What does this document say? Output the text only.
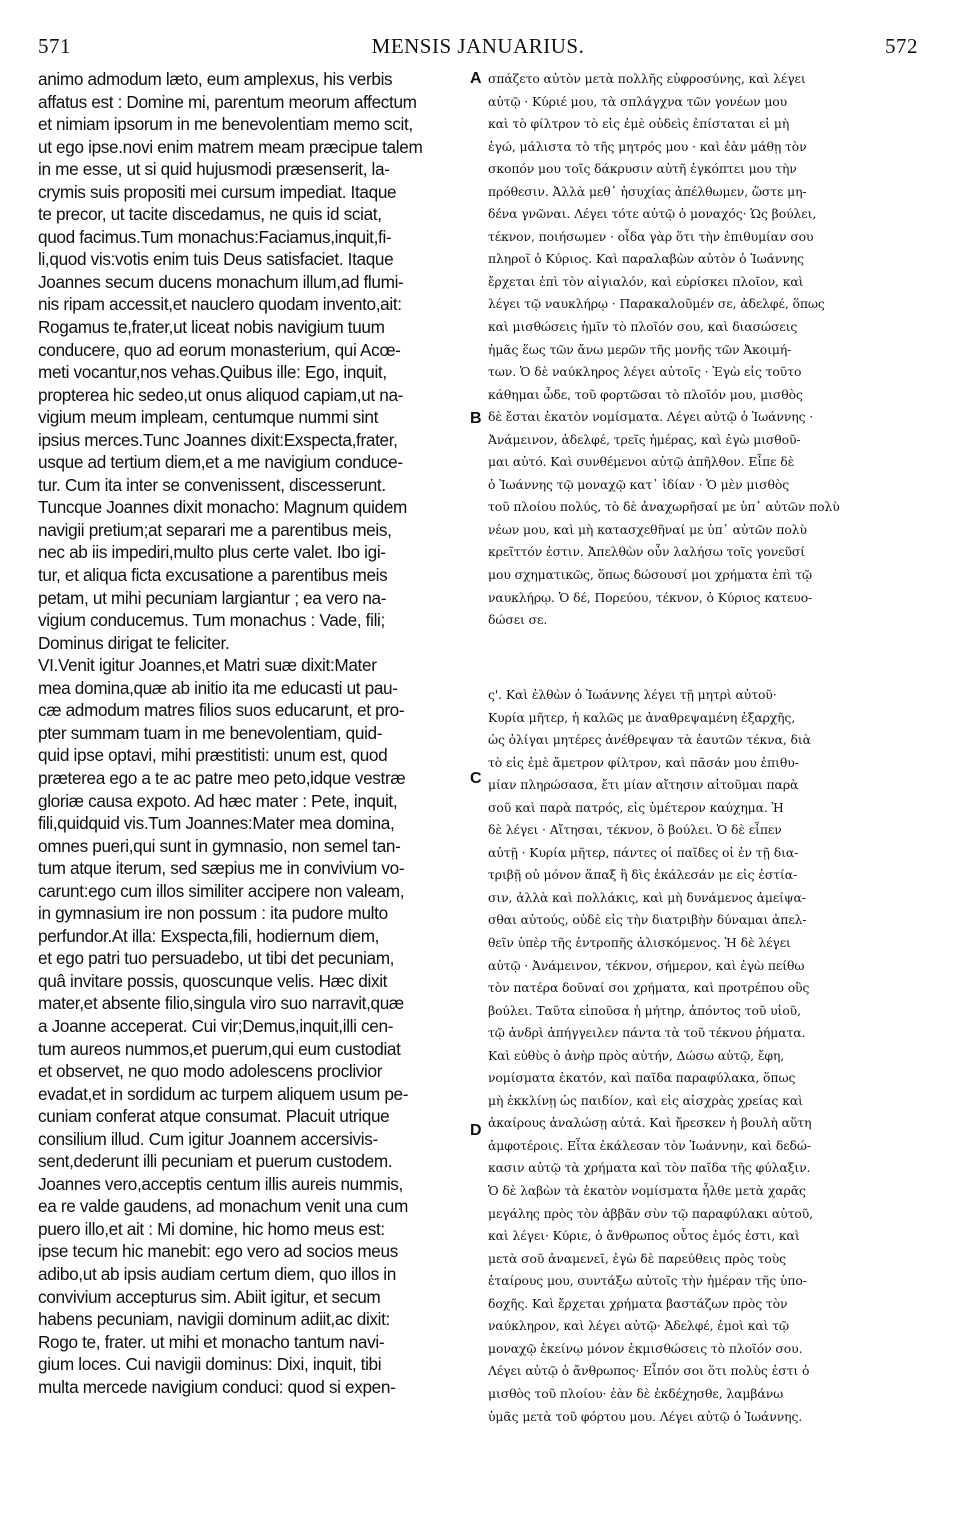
571	MENSIS JANUARIUS.	572
animo admodum læto, eum amplexus, his verbis
affatus est : Domine mi, parentum meorum affectum
et nimiam ipsorum in me benevolentiam memo scit,
ut ego ipse.novi enim matrem meam præcipue talem
in me esse, ut si quid hujusmodi præsenserit, la-
crymis suis propositi mei cursum impediat. Itaque
te precor, ut tacite discedamus, ne quis id sciat,
quod facimus.Tum monachus:Faciamus,inquit,fi-
li,quod vis:votis enim tuis Deus satisfaciet. Itaque
Joannes secum ducens monachum illum,ad flumi-
nis ripam accessit,et nauclero quodam invento,ait:
Rogamus te,frater,ut liceat nobis navigium tuum
conducere, quo ad eorum monasterium, qui Acœ-
meti vocantur,nos vehas.Quibus ille: Ego, inquit,
propterea hic sedeo,ut onus aliquod capiam,ut na-
vigium meum impleam, centumque nummi sint
ipsius merces.Tunc Joannes dixit:Exspecta,frater,
usque ad tertium diem,et a me navigium conduce-
tur. Cum ita inter se convenissent, discesserunt.
Tuncque Joannes dixit monacho: Magnum quidem
navigii pretium;at separari me a parentibus meis,
nec ab iis impediri,multo plus certe valet. Ibo igi-
tur, et aliqua ficta excusatione a parentibus meis
petam, ut mihi pecuniam largiantur ; ea vero na-
vigium conducemus. Tum monachus : Vade, fili;
Dominus dirigat te feliciter.
VI.Venit igitur Joannes,et Matri suæ dixit:Mater
mea domina,quæ ab initio ita me educasti ut pau-
cæ admodum matres filios suos educarunt, et pro-
pter summam tuam in me benevolentiam, quid-
quid ipse optavi, mihi præstitisti: unum est, quod
præterea ego a te ac patre meo peto,idque vestræ
gloriæ causa expoto. Ad hæc mater : Pete, inquit,
fili,quidquid vis.Tum Joannes:Mater mea domina,
omnes pueri,qui sunt in gymnasio, non semel tan-
tum atque iterum, sed sæpius me in convivium vo-
carunt:ego cum illos similiter accipere non valeam,
in gymnasium ire non possum : ita pudore multo
perfundor.At illa: Exspecta,fili, hodiernum diem,
et ego patri tuo persuadebo, ut tibi det pecuniam,
quâ invitare possis, quoscunque velis. Hæc dixit
mater,et absente filio,singula viro suo narravit,quæ
a Joanne acceperat. Cui vir;Demus,inquit,illi cen-
tum aureos nummos,et puerum,qui eum custodiat
et observet, ne quo modo adolescens proclivior
evadat,et in sordidum ac turpem aliquem usum pe-
cuniam conferat atque consumat. Placuit utrique
consilium illud. Cum igitur Joannem accersivis-
sent,dederunt illi pecuniam et puerum custodem.
Joannes vero,acceptis centum illis aureis nummis,
ea re valde gaudens, ad monachum venit una cum
puero illo,et ait : Mi domine, hic homo meus est:
ipse tecum hic manebit: ego vero ad socios meus
adibo,ut ab ipsis audiam certum diem, quo illos in
convivium accepturus sim. Abiit igitur, et secum
habens pecuniam, navigii dominum adiit,ac dixit:
Rogo te, frater. ut mihi et monacho tantum navi-
gium loces. Cui navigii dominus: Dixi, inquit, tibi
multa mercede navigium conduci: quod si expen-
σπάζετο αὐτὸν μετὰ πολλῆς εὐφροσύνης, καὶ λέγει
αὐτῷ · Κύριέ μου, τὰ σπλάγχνα τῶν γονέων μου
καὶ τὸ φίλτρον τὸ εἰς ἐμὲ οὐδεὶς ἐπίσταται εἰ μὴ
ἐγώ, μάλιστα τὸ τῆς μητρός μου · καὶ ἐὰν μάθῃ τὸν
σκοπόν μου τοῖς δάκρυσιν αὐτῆ ἐγκόπτει μου τὴν
πρόθεσιν. Ἀλλὰ μεθ᾽ ἡσυχίας ἀπέλθωμεν, ὥστε μη-
δένα γνῶναι. Λέγει τότε αὐτῷ ὁ μοναχός· Ὡς βούλει,
τέκνον, ποιήσωμεν · οἶδα γὰρ ὅτι τὴν ἐπιθυμίαν σου
πληροῖ ὁ Κύριος. Καὶ παραλαβὼν αὐτὸν ὁ Ἰωάννης
ἔρχεται ἐπὶ τὸν αἰγιαλόν, καὶ εὑρίσκει πλοῖον, καὶ
λέγει τῷ ναυκλήρῳ · Παρακαλοῦμέν σε, ἀδελφέ, ὅπως
καὶ μισθώσεις ἡμῖν τὸ πλοῖόν σου, καὶ διασώσεις
ἡμᾶς ἕως τῶν ἄνω μερῶν τῆς μονῆς τῶν Ἀκοιμή-
των. Ὁ δὲ ναύκληρος λέγει αὐτοῖς · Ἐγὼ εἰς τοῦτο
κάθημαι ὧδε, τοῦ φορτῶσαι τὸ πλοῖόν μου, μισθὸς
δὲ ἔσται ἑκατὸν νομίσματα. Λέγει αὐτῷ ὁ Ἰωάννης ·
Ἀνάμεινον, ἀδελφέ, τρεῖς ἡμέρας, καὶ ἐγὼ μισθοῦ-
μαι αὐτό. Καὶ συνθέμενοι αὐτῷ ἀπῆλθον. Εἶπε δὲ
ὁ Ἰωάννης τῷ μοναχῷ κατ᾽ ἰδίαν · Ὁ μὲν μισθὸς
τοῦ πλοίου πολύς, τὸ δὲ ἀναχωρῆσαί με ὑπ᾽ αὐτῶν πολὺ
νέων μου, καὶ μὴ κατασχεθῆναί με ὑπ᾽ αὐτῶν πολὺ
κρεῖττόν ἐστιν. Ἀπελθὼν οὖν λαλήσω τοῖς γονεῦσί
μου σχηματικῶς, ὅπως δώσουσί μοι χρήματα ἐπὶ τῷ
ναυκλήρῳ. Ὁ δέ, Πορεύου, τέκνον, ὁ Κύριος κατευο-
δώσει σε.
ς'. Καὶ ἐλθὼν ὁ Ἰωάννης λέγει τῇ μητρὶ αὐτοῦ·
Κυρία μῆτερ, ἡ καλῶς με ἀναθρεψαμένη ἐξαρχῆς,
ὡς ὀλίγαι μητέρες ἀνέθρεψαν τὰ ἑαυτῶν τέκνα, διὰ
τὸ εἰς ἐμὲ ἄμετρον φίλτρον, καὶ πᾶσάν μου ἐπιθυ-
μίαν πληρώσασα, ἔτι μίαν αἴτησιν αἰτοῦμαι παρὰ
σοῦ καὶ παρὰ πατρός, εἰς ὑμέτερον καύχημα. Ἡ
δὲ λέγει · Αἴτησαι, τέκνον, ὃ βούλει. Ὁ δὲ εἶπεν
αὐτῇ · Κυρία μῆτερ, πάντες οἱ παῖδες οἱ ἐν τῇ δια-
τριβῇ οὐ μόνον ἅπαξ ἢ δὶς ἐκάλεσάν με εἰς ἑστία-
σιν, ἀλλὰ καὶ πολλάκις, καὶ μὴ δυνάμενος ἀμείψα-
σθαι αὐτούς, οὐδὲ εἰς τὴν διατριβὴν δύναμαι ἀπελ-
θεῖν ὑπὲρ τῆς ἐντροπῆς ἁλισκόμενος. Ἡ δὲ λέγει
αὐτῷ · Ἀνάμεινον, τέκνον, σήμερον, καὶ ἐγὼ πείθω
τὸν πατέρα δοῦναί σοι χρήματα, καὶ προτρέπου οὓς
βούλει. Ταῦτα εἰποῦσα ἡ μήτηρ, ἀπόντος τοῦ υἱοῦ,
τῷ ἀνδρὶ ἀπήγγειλεν πάντα τὰ τοῦ τέκνου ῥήματα.
Καὶ εὐθὺς ὁ ἀνὴρ πρὸς αὐτήν, Δώσω αὐτῷ, ἔφη,
νομίσματα ἑκατόν, καὶ παῖδα παραφύλακα, ὅπως
μὴ ἐκκλίνῃ ὡς παιδίον, καὶ εἰς αἰσχρὰς χρείας καὶ
ἀκαίρους ἀναλώσῃ αὐτά. Καὶ ἤρεσκεν ἡ βουλὴ αὕτη
ἀμφοτέροις. Εἶτα ἐκάλεσαν τὸν Ἰωάννην, καὶ δεδώ-
κασιν αὐτῷ τὰ χρήματα καὶ τὸν παῖδα τῆς φύλαξιν.
Ὁ δὲ λαβὼν τὰ ἑκατὸν νομίσματα ἦλθε μετὰ χαρᾶς
μεγάλης πρὸς τὸν ἀββᾶν σὺν τῷ παραφύλακι αὐτοῦ,
καὶ λέγει· Κύριε, ὁ ἄνθρωπος οὗτος ἐμός ἐστι, καὶ
μετὰ σοῦ ἀναμενεῖ, ἐγὼ δὲ παρεύθεις πρὸς τοὺς
ἑταίρους μου, συντάξω αὐτοῖς τὴν ἡμέραν τῆς ὑπο-
δοχῆς. Καὶ ἔρχεται χρήματα βαστάζων πρὸς τὸν
ναύκληρον, καὶ λέγει αὐτῷ· Ἀδελφέ, ἐμοὶ καὶ τῷ
μοναχῷ ἐκείνῳ μόνον ἐκμισθώσεις τὸ πλοῖόν σου.
Λέγει αὐτῷ ὁ ἄνθρωπος· Εἶπόν σοι ὅτι πολὺς ἐστι ὁ
μισθὸς τοῦ πλοίου· ἐὰν δὲ ἐκδέχησθε, λαμβάνω
ὑμᾶς μετὰ τοῦ φόρτου μου. Λέγει αὐτῷ ὁ Ἰωάννης.
A
B
C
D
